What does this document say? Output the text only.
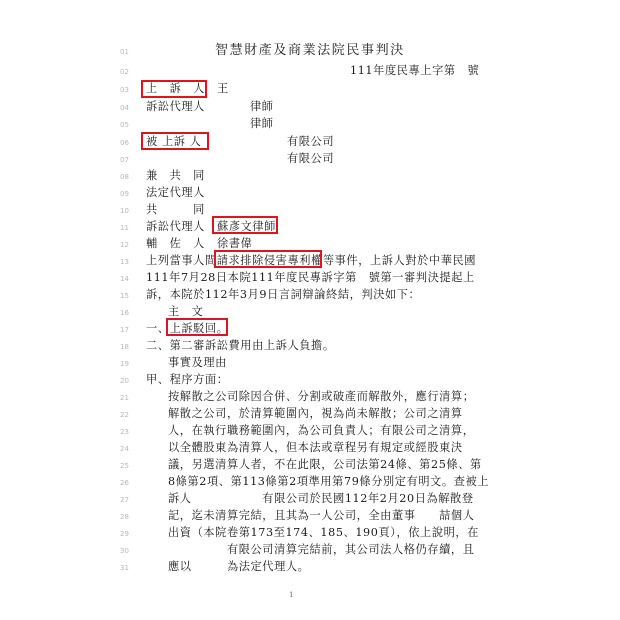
01
02
03
04
05
06
07
08
09
10
11
12
13
14
15
16
17
18
19
20
21
22
23
24
25
26
27
28
29
30
31
智慧財產及商業法院民事判決
111年度民專上字第　號
上　訴　人 王
訴訟代理人	律師
律師
被 上訴 人	有限公司
有限公司
兼　共　同
法定代理人
共　　　同
訴訟代理人 蘇彥文律師
輔　佐　人 徐書偉
上列當事人間請求排除侵害專利權等事件，上訴人對於中華民國
111年7月28日本院111年度民專訴字第　號第一審判決提起上
訴，本院於112年3月9日言詞辯論終結，判決如下：
主　文
一、上訴駁回。
二、第二審訴訟費用由上訴人負擔。
事實及理由
甲、程序方面：
按解散之公司除因合併、分割或破產而解散外，應行清算；
解散之公司，於清算範圍內，視為尚未解散；公司之清算
人，在執行職務範圍內，為公司負責人；有限公司之清算，
以全體股東為清算人，但本法或章程另有規定或經股東決
議，另選清算人者，不在此限，公司法第24條、第25條、第
8條第2項、第113條第2項準用第79條分別定有明文。查被上
訴人　　　　　　有限公司於民國112年2月20日為解散登
記，迄未清算完結，且其為一人公司，全由董事　　喆個人
出資（本院卷第173至174、185、190頁），依上說明，在
　　　　　有限公司清算完結前，其公司法人格仍存續，且
應以　　　為法定代理人。
1
